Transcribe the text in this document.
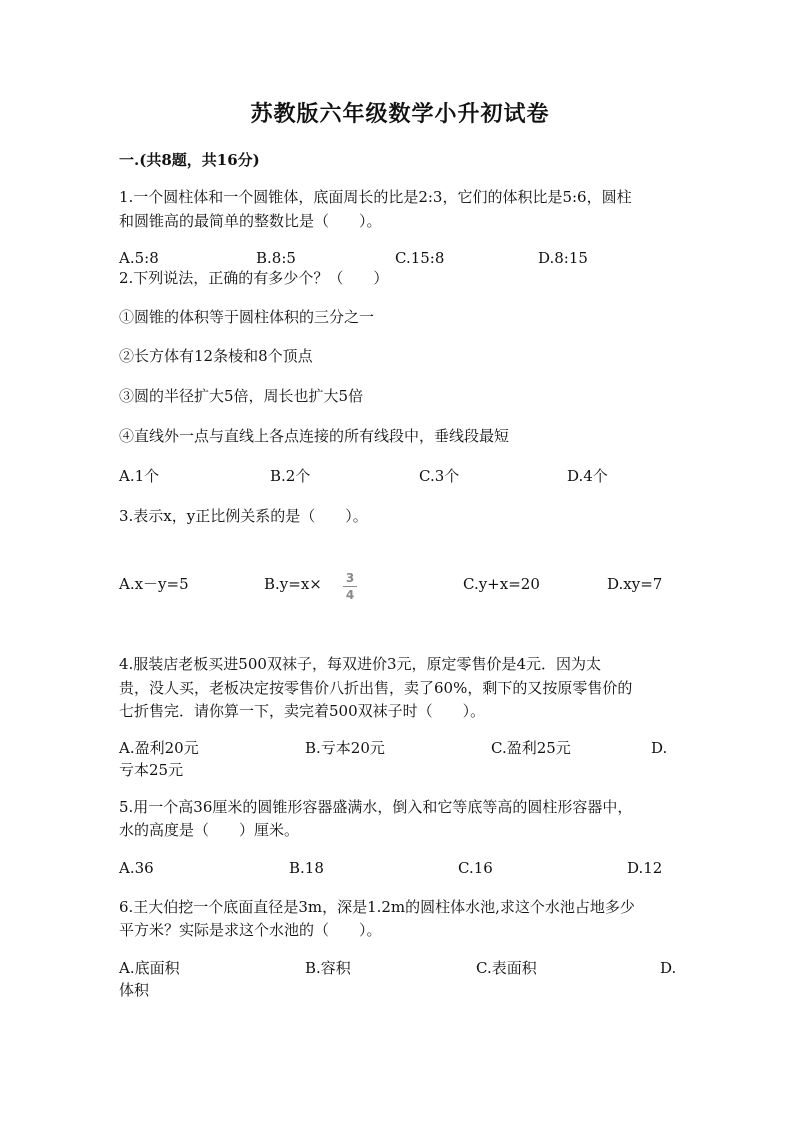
苏教版六年级数学小升初试卷
一.(共8题，共16分)
1.一个圆柱体和一个圆锥体，底面周长的比是2:3，它们的体积比是5:6，圆柱
和圆锥高的最简单的整数比是（　　）。
A.5:8	B.8:5	C.15:8	D.8:15
2.下列说法，正确的有多少个？（　　）
①圆锥的体积等于圆柱体积的三分之一
②长方体有12条棱和8个顶点
③圆的半径扩大5倍，周长也扩大5倍
④直线外一点与直线上各点连接的所有线段中，垂线段最短
A.1个	B.2个	C.3个	D.4个
3.表示x，y正比例关系的是（　　）。
A.x－y=5	B.y=x× 3
4
C.y+x=20	D.xy=7
4.服装店老板买进500双袜子，每双进价3元，原定零售价是4元．因为太
贵，没人买，老板决定按零售价八折出售，卖了60%，剩下的又按原零售价的
七折售完．请你算一下，卖完着500双袜子时（　　）。
A.盈利20元	B.亏本20元	C.盈利25元	D.
亏本25元
5.用一个高36厘米的圆锥形容器盛满水，倒入和它等底等高的圆柱形容器中，
水的高度是（　　）厘米。
A.36	B.18	C.16	D.12
6.王大伯挖一个底面直径是3m，深是1.2m的圆柱体水池,求这个水池占地多少
平方米？实际是求这个水池的（　　）。
A.底面积	B.容积	C.表面积	D.
体积
